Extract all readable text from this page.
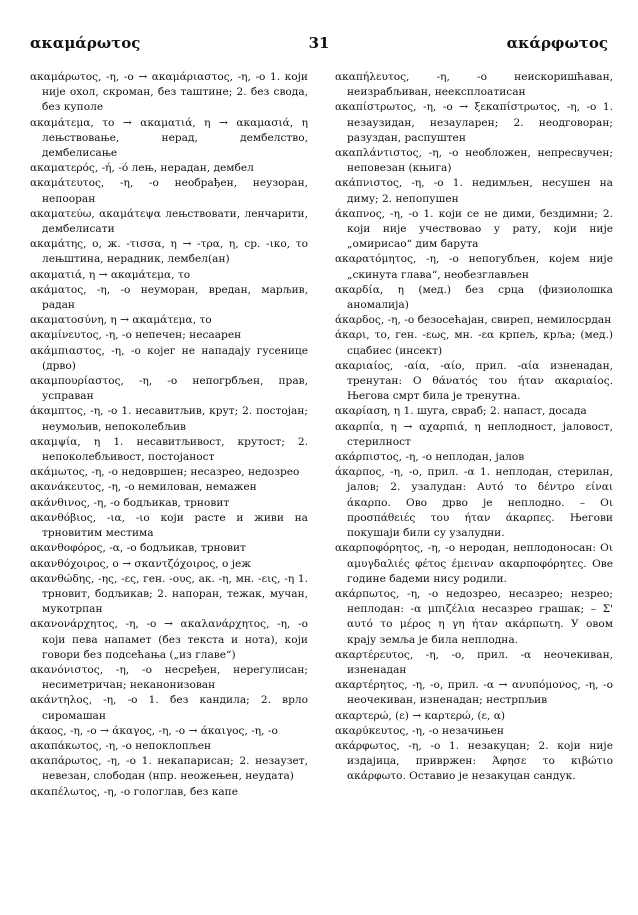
ακαμάρωτος	31	ακάρφωτος

ακαμάρωτος, -η, -ο → ακαμάριαστος, -η, -ο 1. који није охол, скроман, без таштине; 2. без свода, без куполе

ακαμάτεμα, το → ακαματιά, η → ακαμασιά, η лењствовање, нерад, дембелство, дембелисање

ακαματερός, -ή, -ό лењ, нерадан, дембел

ακαμάτευτος, -η, -ο необрађен, неузоран, непоoран

ακαματεύω, ακαμάτεψα лењствовати, ленчарити, дембелисати

ακαμάτης, ο, ж. -τισσα, η → -τρα, η, ср. -ικο, το лењштина, нерадник, лембел(ан)

ακαματιά, η → ακαμάτεμα, το

ακάματος, -η, -ο неуморан, вредан, марљив, радан

ακαματοσύνη, η → ακαμάτεμα, το

ακαμίνευτος, -η, -ο непечен; несаарен

ακάμπιαστος, -η, -ο којег не нападају гусенице (дрво)

ακαμπουρίαστος, -η, -ο непогрбљен, прав, усправан

άκαμπτος, -η, -ο 1. несавитљив, крут; 2. постојан; неумољив, непоколебљив

ακαμψία, η 1. несавитљивост, крутост; 2. непоколебљивост, постојаност

ακάμωτος, -η, -ο недовршен; несазрео, недозрео

ακανάκευτος, -η, -ο немилован, немажен

ακάνθινος, -η, -ο бодљикав, трновит

ακανθόβιος, -ια, -ιο који расте и живи на трновитим местима

ακανθοφόρος, -α, -ο бодљикав, трновит

ακανθόχοιρος, ο → σκαντζόχοιρος, ο јеж

ακανθώδης, -ης, -ες, ген. -ους, ак. -η, мн. -εις, -η 1. трновит, бодљикав; 2. напоран, тежак, мучан, мукотрпан

ακανονάρχητος, -η, -ο → ακαλανάρχητος, -η, -ο који пева напамет (без текста и нота), који говори без подсећања („из главе“)

ακανόνιστος, -η, -ο несређен, нерегулисан; несиметричан; неканонизован

ακάντηλος, -η, -ο 1. без кандила; 2. врло сиромашан

άκαος, -η, -ο → άκαγος, -η, -ο → άκαιγος, -η, -ο

ακαπάκωτος, -η, -ο непоклопљен

ακαπάρωτος, -η, -ο 1. некапарисан; 2. незаузет, невезан, слободан (нпр. неожењен, неудата)

ακαπέλωτος, -η, -ο гологлав, без капе

ακαπήλευτος, -η, -ο неискоришћаван, неизрабљиван, неексплоатисан

ακαπίστρωτος, -η, -ο → ξεκαπίστρωτος, -η, -ο 1. незаузидан, незауларен; 2. неодговоран; разуздан, распуштен

ακαπλάντιστος, -η, -ο необложен, непресвучен; неповезан (књига)

ακάπνιστος, -η, -ο 1. недимљен, несушен на диму; 2. непопушен

άκαπνος, -η, -ο 1. који се не дими, бездимни; 2. који није учествовао у рату, који није „омирисао“ дим барута

ακαρατόμητος, -η, -ο непогубљен, којем није „скинута глава“, необезглављен

ακαρδία, η (мед.) без срца (физиолошка аномалија)

άκαρδος, -η, -ο безосећајан, свиреп, немилосрдан

άκαρι, το, ген. -εως, мн. -εα крпељ, крља; (мед.) сцабиес (инсект)

ακαριαίος, -αία, -αίο, прил. -αία изненадан, тренутан: Ο θάνατός του ήταν ακαριαίος. Његова смрт била је тренутна.

ακαρίαση, η 1. шуга, свраб; 2. напаст, досада

ακαρπία, η → αχαρπιά, η неплодност, јаловост, стерилност

ακάρπιστος, -η, -ο неплодан, јалов

άκαρπος, -η, -ο, прил. -α 1. неплодан, стерилан, јалов; 2. узалудан: Αυτό το δέντρο είναι άκαρπο. Ово дрво је неплодно. – Οι προσπάθειές του ήταν άκαρπες. Његови покушаји били су узалудни.

ακαρποφόρητος, -η, -ο неродан, неплодоносан: Οι αμυγδαλιές φέτος έμειναν ακαρποφόρητες. Ове године бадеми нису родили.

ακάρπωτος, -η, -ο недозрео, несазрео; незрео; неплодан: -α μπιζέλια несазрео грашак; – Σ' αυτό το μέρος η γη ήταν ακάρπωτη. У овом крају земља је била неплодна.

ακαρτέρευτος, -η, -ο, прил. -α неочекиван, изненадан

ακαρτέρητος, -η, -ο, прил. -α → ανυπόμονος, -η, -ο неочекиван, изненадан; нестрпљив

ακαρτερώ, (ε) → καρτερώ, (ε, α)

ακαρύκευτος, -η, -ο незачињен

ακάρφωτος, -η, -ο 1. незакуцан; 2. који није издајица, привржен: Άφησε το κιβώτιο ακάρφωτο. Оставио је незакуцан сандук.
